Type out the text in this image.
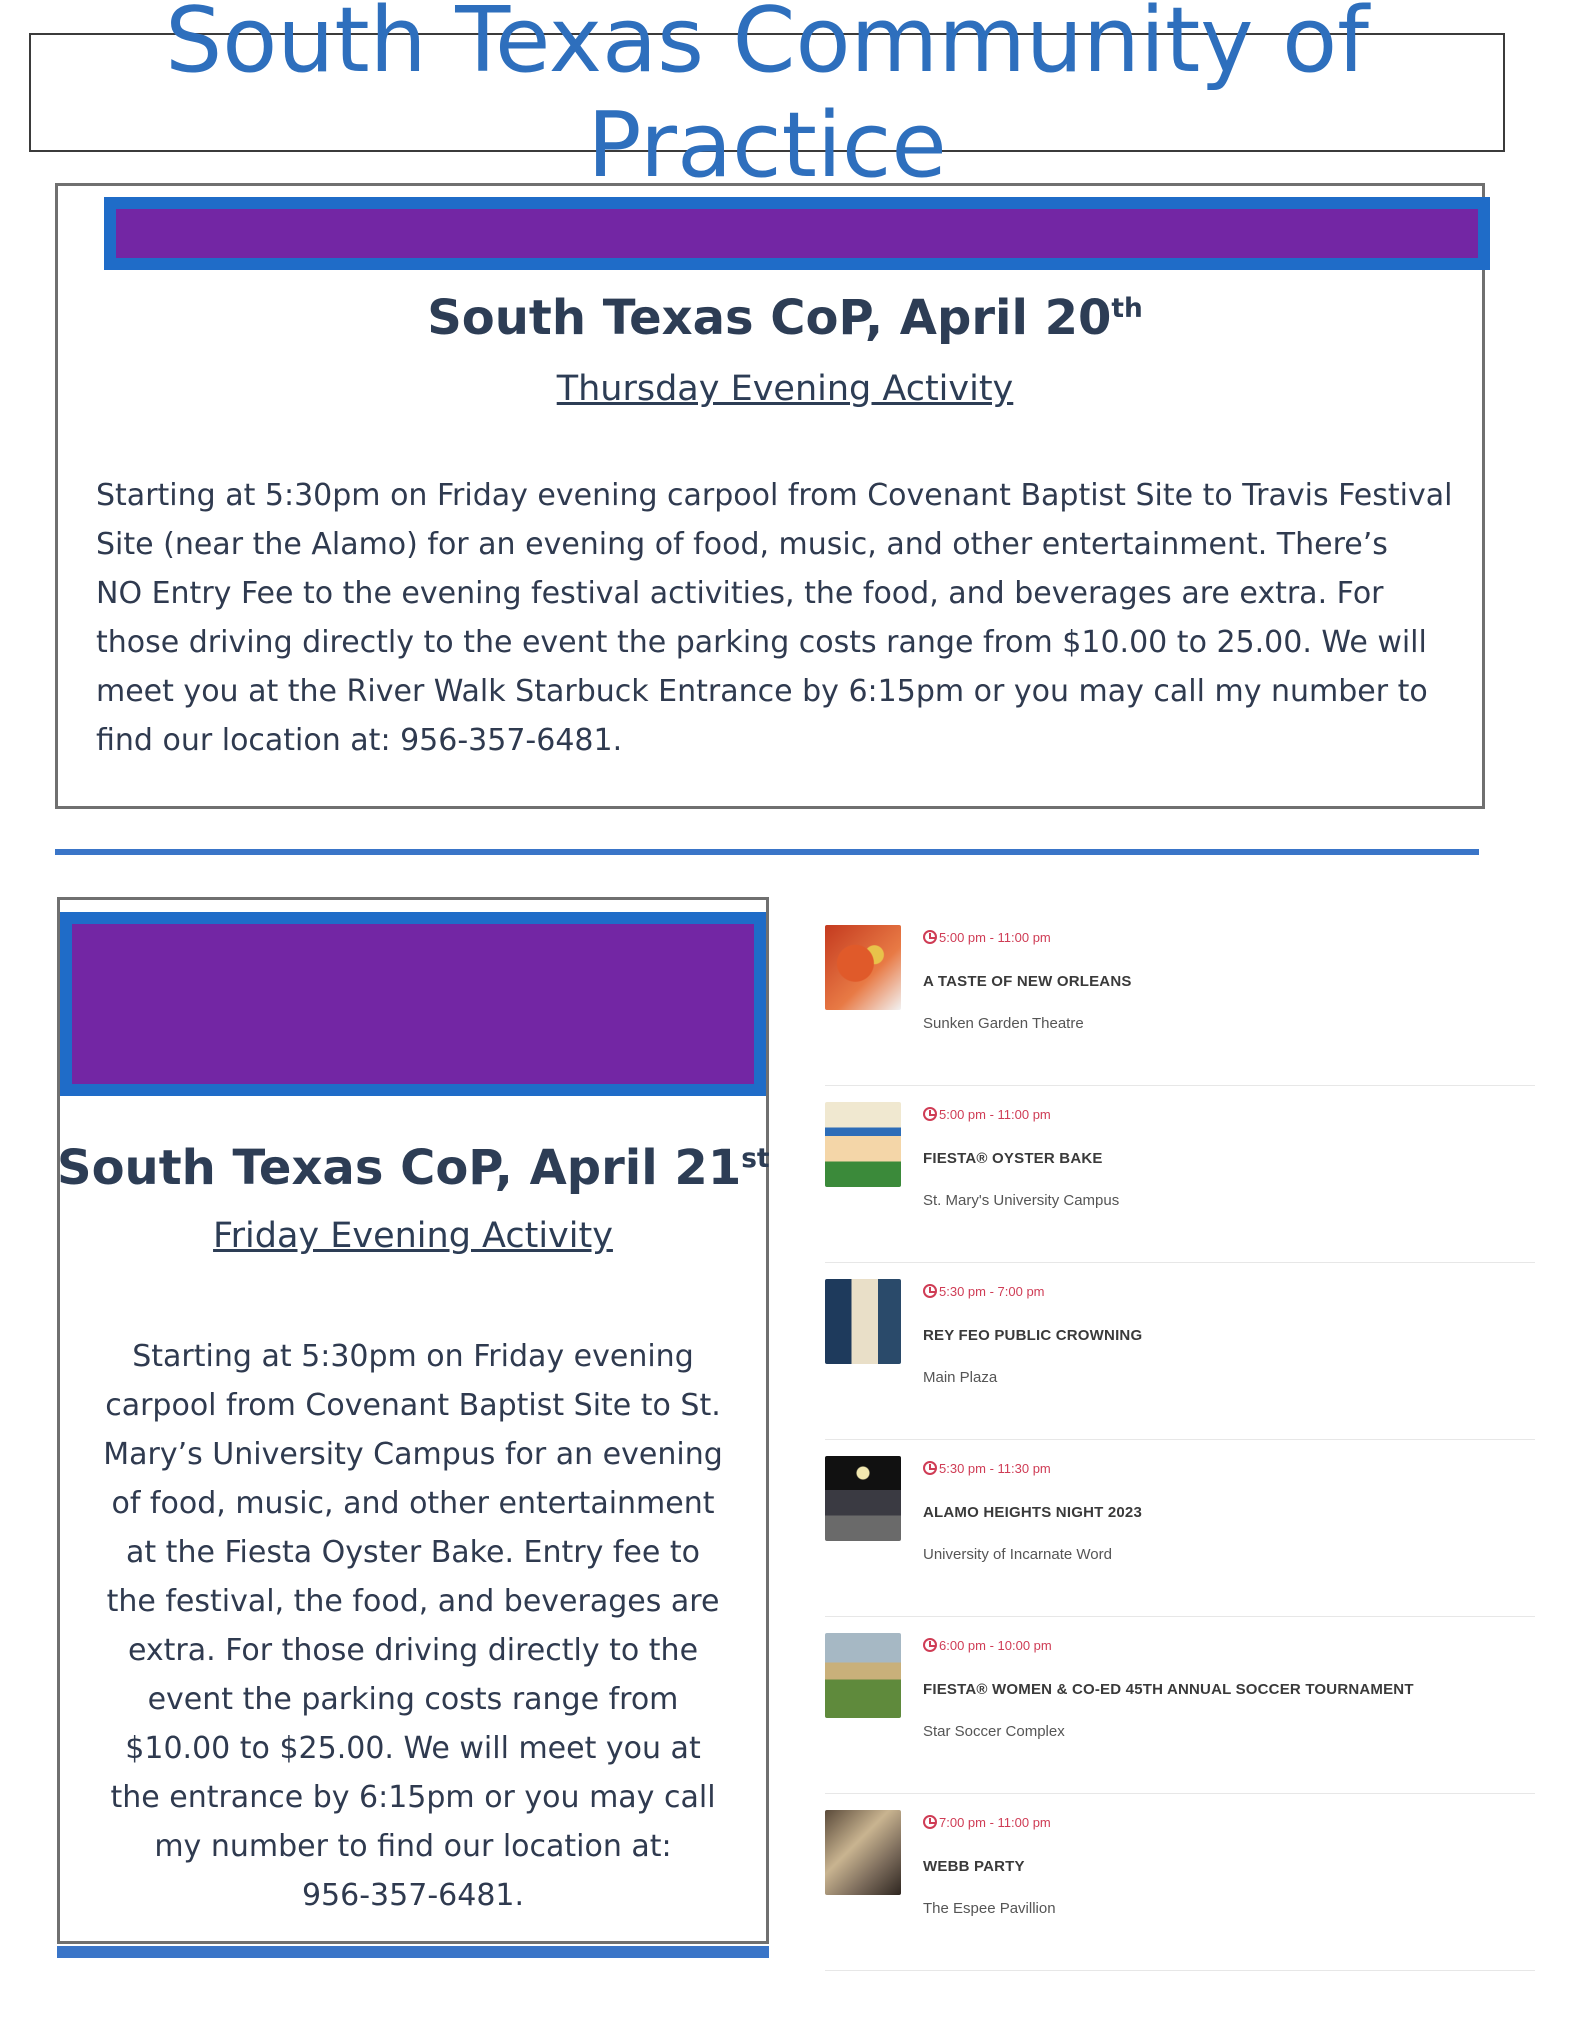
South Texas Community of Practice
South Texas CoP, April 20th
Thursday Evening Activity
Starting at 5:30pm on Friday evening carpool from Covenant Baptist Site to Travis Festival
Site (near the Alamo) for an evening of food, music, and other entertainment. There’s
NO Entry Fee to the evening festival activities, the food, and beverages are extra. For
those driving directly to the event the parking costs range from $10.00 to 25.00. We will
meet you at the River Walk Starbuck Entrance by 6:15pm or you may call my number to
find our location at: 956-357-6481.
South Texas CoP, April 21st
Friday Evening Activity
Starting at 5:30pm on Friday evening
carpool from Covenant Baptist Site to St.
Mary’s University Campus for an evening
of food, music, and other entertainment
at the Fiesta Oyster Bake. Entry fee to
the festival, the food, and beverages are
extra. For those driving directly to the
event the parking costs range from
$10.00 to $25.00. We will meet you at
the entrance by 6:15pm or you may call
my number to find our location at:
956-357-6481.
5:00 pm - 11:00 pm
A TASTE OF NEW ORLEANS
Sunken Garden Theatre
5:00 pm - 11:00 pm
FIESTA® OYSTER BAKE
St. Mary's University Campus
5:30 pm - 7:00 pm
REY FEO PUBLIC CROWNING
Main Plaza
5:30 pm - 11:30 pm
ALAMO HEIGHTS NIGHT 2023
University of Incarnate Word
6:00 pm - 10:00 pm
FIESTA® WOMEN & CO-ED 45TH ANNUAL SOCCER TOURNAMENT
Star Soccer Complex
7:00 pm - 11:00 pm
WEBB PARTY
The Espee Pavillion
